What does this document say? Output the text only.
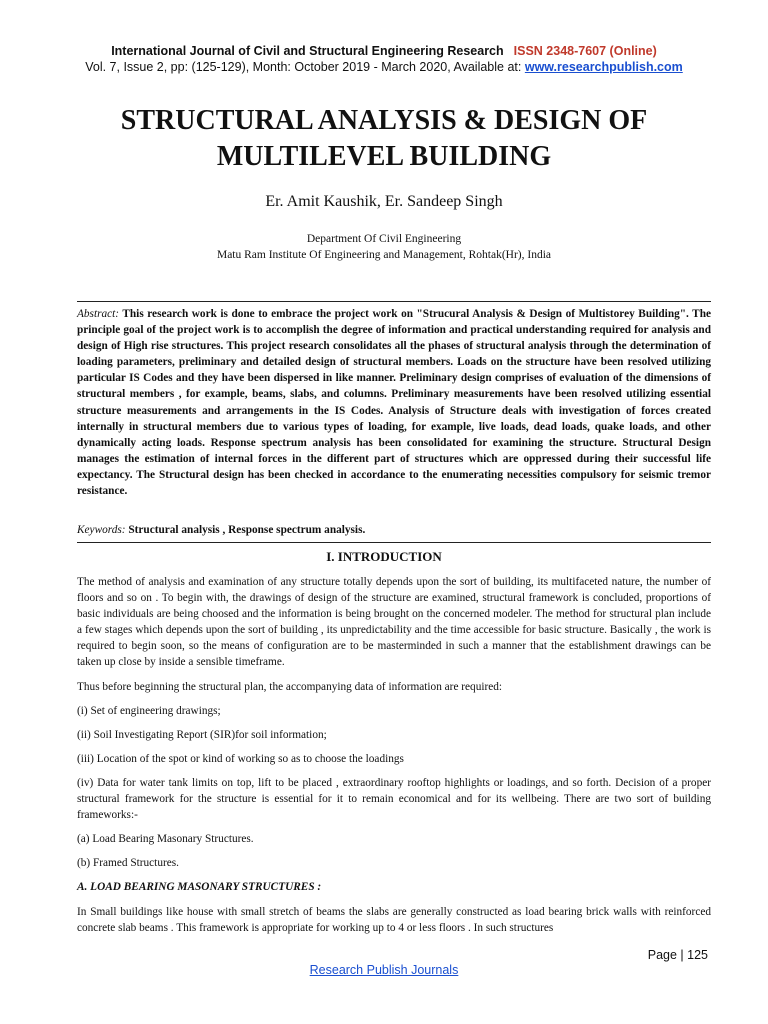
International Journal of Civil and Structural Engineering Research ISSN 2348-7607 (Online)
Vol. 7, Issue 2, pp: (125-129), Month: October 2019 - March 2020, Available at: www.researchpublish.com
STRUCTURAL ANALYSIS & DESIGN OF
MULTILEVEL BUILDING
Er. Amit Kaushik, Er. Sandeep Singh
Department Of Civil Engineering
Matu Ram Institute Of Engineering and Management, Rohtak(Hr), India
Abstract: This research work is done to embrace the project work on "Strucural Analysis & Design of Multistorey Building". The principle goal of the project work is to accomplish the degree of information and practical understanding required for analysis and design of High rise structures. This project research consolidates all the phases of structural analysis through the determination of loading parameters, preliminary and detailed design of structural members. Loads on the structure have been resolved utilizing particular IS Codes and they have been dispersed in like manner. Preliminary design comprises of evaluation of the dimensions of structural members , for example, beams, slabs, and columns. Preliminary measurements have been resolved utilizing essential structure measurements and arrangements in the IS Codes. Analysis of Structure deals with investigation of forces created internally in structural members due to various types of loading, for example, live loads, dead loads, quake loads, and other dynamically acting loads. Response spectrum analysis has been consolidated for examining the structure. Structural Design manages the estimation of internal forces in the different part of structures which are oppressed during their successful life expectancy. The Structural design has been checked in accordance to the enumerating necessities compulsory for seismic tremor resistance.
Keywords: Structural analysis , Response spectrum analysis.
I. INTRODUCTION

The method of analysis and examination of any structure totally depends upon the sort of building, its multifaceted nature, the number of floors and so on . To begin with, the drawings of design of the structure are examined, structural framework is concluded, proportions of basic individuals are being choosed and the information is being brought on the concerned modeler. The method for structural plan include a few stages which depends upon the sort of building , its unpredictability and the time accessible for basic structure. Basically , the work is required to begin soon, so the means of configuration are to be masterminded in such a manner that the establishment drawings can be taken up close by inside a sensible timeframe.

Thus before beginning the structural plan, the accompanying data of information are required:

(i) Set of engineering drawings;

(ii) Soil Investigating Report (SIR)for soil information;

(iii) Location of the spot or kind of working so as to choose the loadings

(iv) Data for water tank limits on top, lift to be placed , extraordinary rooftop highlights or loadings, and so forth. Decision of a proper structural framework for the structure is essential for it to remain economical and for its wellbeing. There are two sort of building frameworks:-

(a) Load Bearing Masonary Structures.

(b) Framed Structures.

A. LOAD BEARING MASONARY STRUCTURES :

In Small buildings like house with small stretch of beams the slabs are generally constructed as load bearing brick walls with reinforced concrete slab beams . This framework is appropriate for working up to 4 or less floors . In such structures

Page | 125
Research Publish Journals
